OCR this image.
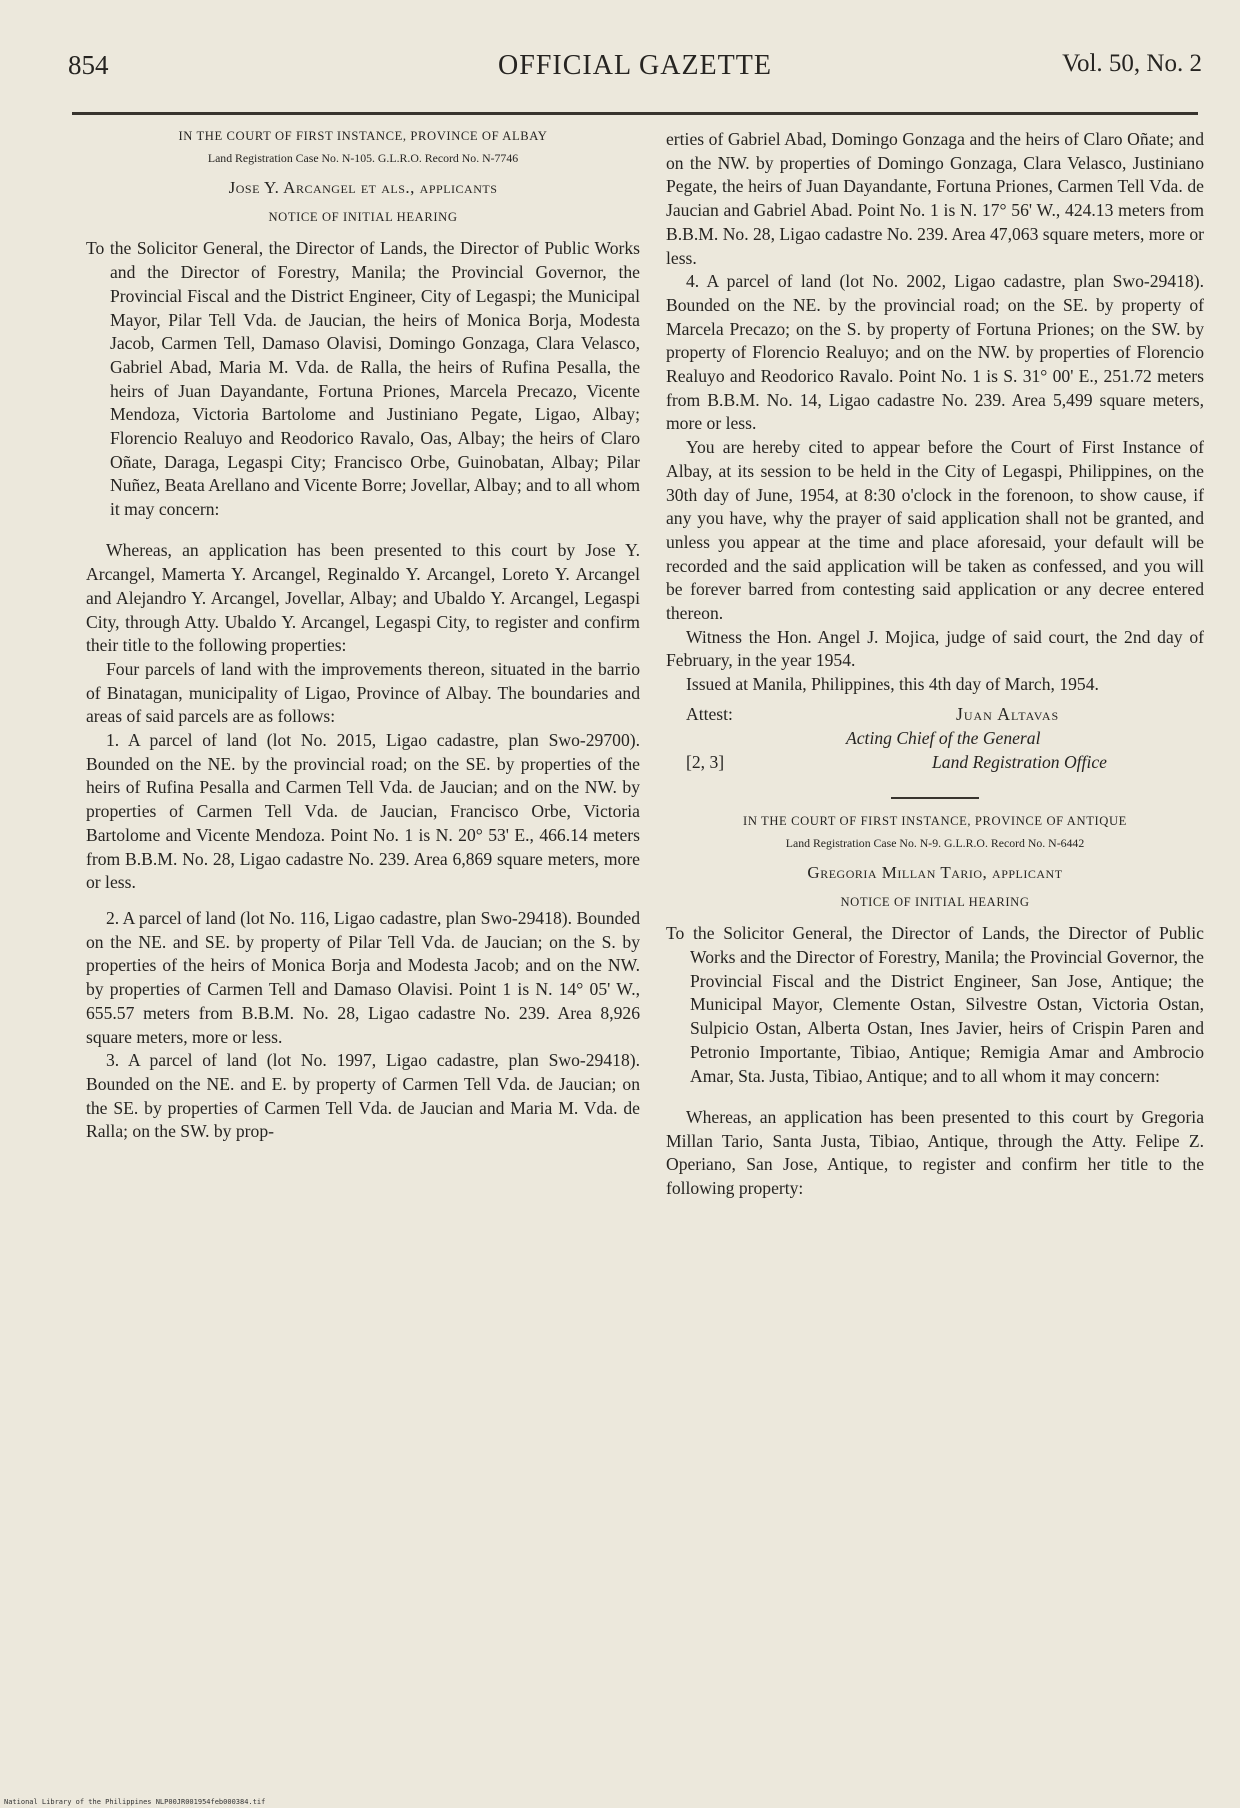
854	OFFICIAL GAZETTE	Vol. 50, No. 2
IN THE COURT OF FIRST INSTANCE, PROVINCE OF ALBAY
Land Registration Case No. N-105. G.L.R.O. Record No. N-7746
Jose Y. Arcangel et als., applicants
NOTICE OF INITIAL HEARING

To the Solicitor General, the Director of Lands, the Director of Public Works and the Director of Forestry, Manila; the Provincial Governor, the Provincial Fiscal and the District Engineer, City of Legaspi; the Municipal Mayor, Pilar Tell Vda. de Jaucian, the heirs of Monica Borja, Modesta Jacob, Carmen Tell, Damaso Olavisi, Domingo Gonzaga, Clara Velasco, Gabriel Abad, Maria M. Vda. de Ralla, the heirs of Rufina Pesalla, the heirs of Juan Dayandante, Fortuna Priones, Marcela Precazo, Vicente Mendoza, Victoria Bartolome and Justiniano Pegate, Ligao, Albay; Florencio Realuyo and Reodorico Ravalo, Oas, Albay; the heirs of Claro Oñate, Daraga, Legaspi City; Francisco Orbe, Guinobatan, Albay; Pilar Nuñez, Beata Arellano and Vicente Borre; Jovellar, Albay; and to all whom it may concern:

Whereas, an application has been presented to this court by Jose Y. Arcangel, Mamerta Y. Arcangel, Reginaldo Y. Arcangel, Loreto Y. Arcangel and Alejandro Y. Arcangel, Jovellar, Albay; and Ubaldo Y. Arcangel, Legaspi City, through Atty. Ubaldo Y. Arcangel, Legaspi City, to register and confirm their title to the following properties:

Four parcels of land with the improvements thereon, situated in the barrio of Binatagan, municipality of Ligao, Province of Albay. The boundaries and areas of said parcels are as follows:

1. A parcel of land (lot No. 2015, Ligao cadastre, plan Swo-29700). Bounded on the NE. by the provincial road; on the SE. by properties of the heirs of Rufina Pesalla and Carmen Tell Vda. de Jaucian; and on the NW. by properties of Carmen Tell Vda. de Jaucian, Francisco Orbe, Victoria Bartolome and Vicente Mendoza. Point No. 1 is N. 20° 53' E., 466.14 meters from B.B.M. No. 28, Ligao cadastre No. 239. Area 6,869 square meters, more or less.

2. A parcel of land (lot No. 116, Ligao cadastre, plan Swo-29418). Bounded on the NE. and SE. by property of Pilar Tell Vda. de Jaucian; on the S. by properties of the heirs of Monica Borja and Modesta Jacob; and on the NW. by properties of Carmen Tell and Damaso Olavisi. Point 1 is N. 14° 05' W., 655.57 meters from B.B.M. No. 28, Ligao cadastre No. 239. Area 8,926 square meters, more or less.

3. A parcel of land (lot No. 1997, Ligao cadastre, plan Swo-29418). Bounded on the NE. and E. by property of Carmen Tell Vda. de Jaucian; on the SE. by properties of Carmen Tell Vda. de Jaucian and Maria M. Vda. de Ralla; on the SW. by prop-

erties of Gabriel Abad, Domingo Gonzaga and the heirs of Claro Oñate; and on the NW. by properties of Domingo Gonzaga, Clara Velasco, Justiniano Pegate, the heirs of Juan Dayandante, Fortuna Priones, Carmen Tell Vda. de Jaucian and Gabriel Abad. Point No. 1 is N. 17° 56' W., 424.13 meters from B.B.M. No. 28, Ligao cadastre No. 239. Area 47,063 square meters, more or less.

4. A parcel of land (lot No. 2002, Ligao cadastre, plan Swo-29418). Bounded on the NE. by the provincial road; on the SE. by property of Marcela Precazo; on the S. by property of Fortuna Priones; on the SW. by property of Florencio Realuyo; and on the NW. by properties of Florencio Realuyo and Reodorico Ravalo. Point No. 1 is S. 31° 00' E., 251.72 meters from B.B.M. No. 14, Ligao cadastre No. 239. Area 5,499 square meters, more or less.

You are hereby cited to appear before the Court of First Instance of Albay, at its session to be held in the City of Legaspi, Philippines, on the 30th day of June, 1954, at 8:30 o'clock in the forenoon, to show cause, if any you have, why the prayer of said application shall not be granted, and unless you appear at the time and place aforesaid, your default will be recorded and the said application will be taken as confessed, and you will be forever barred from contesting said application or any decree entered thereon.

Witness the Hon. Angel J. Mojica, judge of said court, the 2nd day of February, in the year 1954.

Issued at Manila, Philippines, this 4th day of March, 1954.

Attest:	Juan Altavas
Acting Chief of the General
[2, 3]	Land Registration Office
IN THE COURT OF FIRST INSTANCE, PROVINCE OF ANTIQUE
Land Registration Case No. N-9. G.L.R.O. Record No. N-6442
Gregoria Millan Tario, applicant
NOTICE OF INITIAL HEARING

To the Solicitor General, the Director of Lands, the Director of Public Works and the Director of Forestry, Manila; the Provincial Governor, the Provincial Fiscal and the District Engineer, San Jose, Antique; the Municipal Mayor, Clemente Ostan, Silvestre Ostan, Victoria Ostan, Sulpicio Ostan, Alberta Ostan, Ines Javier, heirs of Crispin Paren and Petronio Importante, Tibiao, Antique; Remigia Amar and Ambrocio Amar, Sta. Justa, Tibiao, Antique; and to all whom it may concern:

Whereas, an application has been presented to this court by Gregoria Millan Tario, Santa Justa, Tibiao, Antique, through the Atty. Felipe Z. Operiano, San Jose, Antique, to register and confirm her title to the following property:

National Library of the Philippines NLP00JR001954feb000384.tif
